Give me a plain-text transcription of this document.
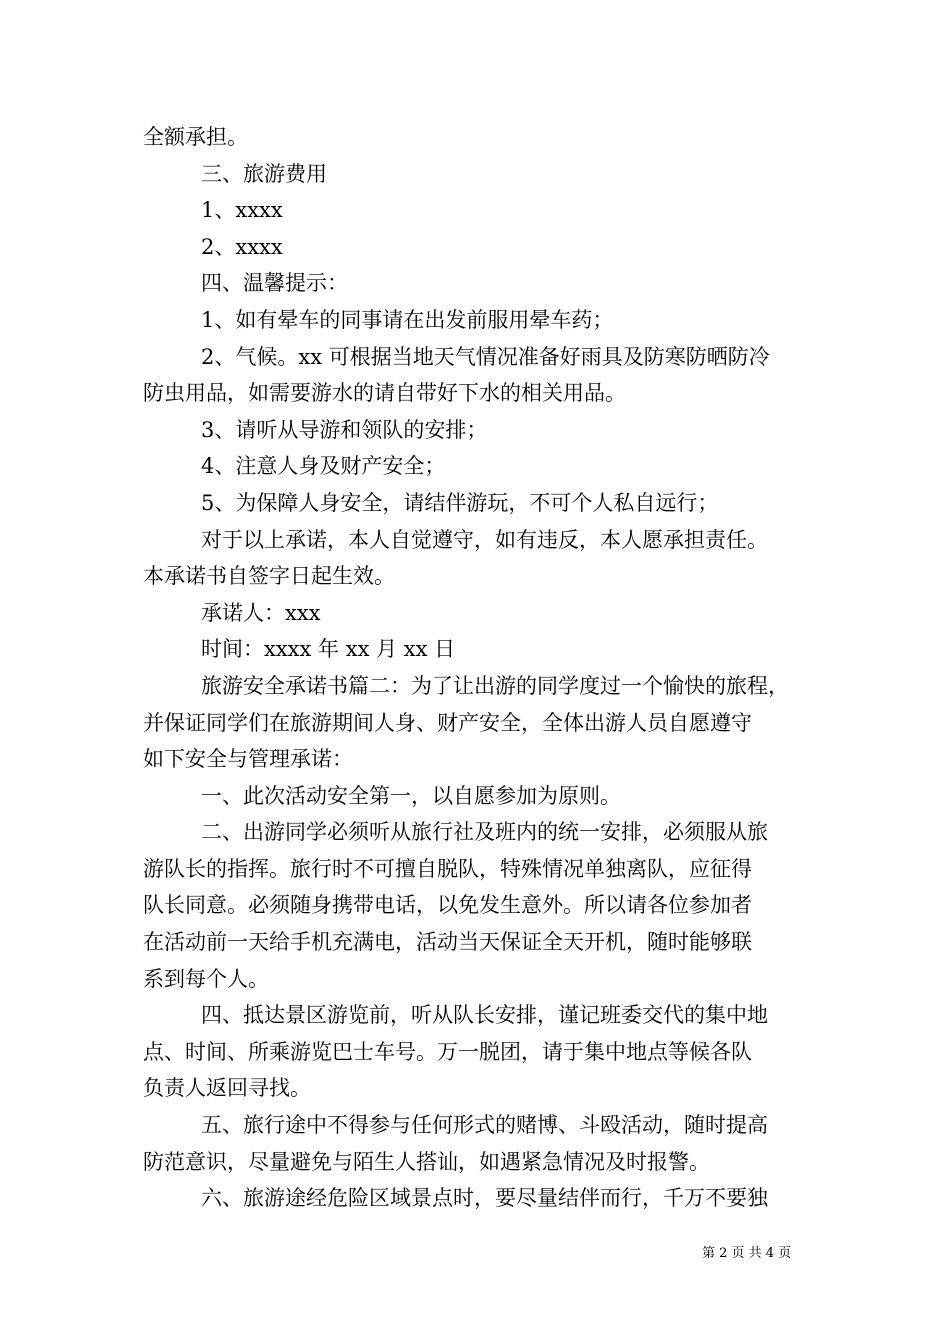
全额承担。
三、旅游费用
1、xxxx
2、xxxx
四、温馨提示：
1、如有晕车的同事请在出发前服用晕车药；
2、气候。xx 可根据当地天气情况准备好雨具及防寒防晒防冷
防虫用品，如需要游水的请自带好下水的相关用品。
3、请听从导游和领队的安排；
4、注意人身及财产安全；
5、为保障人身安全，请结伴游玩，不可个人私自远行；
对于以上承诺，本人自觉遵守，如有违反，本人愿承担责任。
本承诺书自签字日起生效。
承诺人：xxx
时间：xxxx 年 xx 月 xx 日
旅游安全承诺书篇二：为了让出游的同学度过一个愉快的旅程，
并保证同学们在旅游期间人身、财产安全，全体出游人员自愿遵守
如下安全与管理承诺：
一、此次活动安全第一，以自愿参加为原则。
二、出游同学必须听从旅行社及班内的统一安排，必须服从旅
游队长的指挥。旅行时不可擅自脱队，特殊情况单独离队，应征得
队长同意。必须随身携带电话，以免发生意外。所以请各位参加者
在活动前一天给手机充满电，活动当天保证全天开机，随时能够联
系到每个人。
四、抵达景区游览前，听从队长安排，谨记班委交代的集中地
点、时间、所乘游览巴士车号。万一脱团，请于集中地点等候各队
负责人返回寻找。
五、旅行途中不得参与任何形式的赌博、斗殴活动，随时提高
防范意识，尽量避免与陌生人搭讪，如遇紧急情况及时报警。
六、旅游途经危险区域景点时，要尽量结伴而行，千万不要独
第 2 页 共 4 页
